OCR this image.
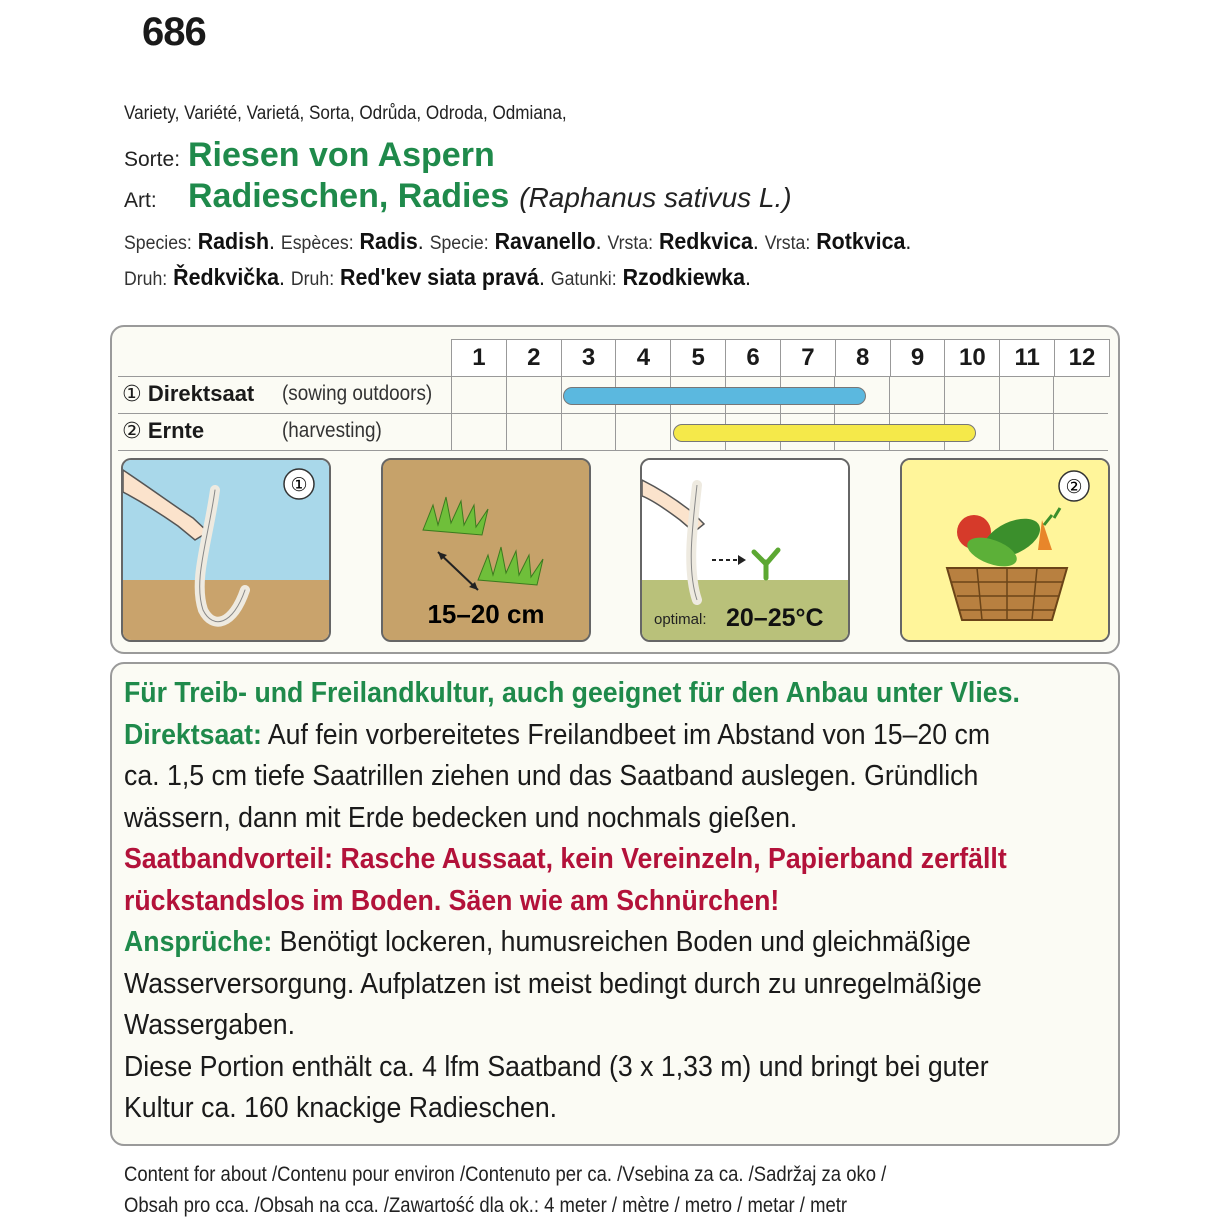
686
Variety, Variété, Varietá, Sorta, Odrůda, Odroda, Odmiana,
Sorte: Riesen von Aspern
Art: Radieschen, Radies (Raphanus sativus L.)
Species: Radish. Espèces: Radis. Specie: Ravanello. Vrsta: Redkvica. Vrsta: Rotkvica.
Druh: Ředkvička. Druh: Red'kev siata pravá. Gatunki: Rzodkiewka.
1	2	3	4	5	6	7	8	9	10	11	12
① Direktsaat (sowing outdoors)
② Ernte	(harvesting)
①
15–20 cm	optimal: 20–25°C
②

Für Treib- und Freilandkultur, auch geeignet für den Anbau unter Vlies.

Direktsaat: Auf fein vorbereitetes Freilandbeet im Abstand von 15–20 cm

ca. 1,5 cm tiefe Saatrillen ziehen und das Saatband auslegen. Gründlich

wässern, dann mit Erde bedecken und nochmals gießen.

Saatbandvorteil: Rasche Aussaat, kein Vereinzeln, Papierband zerfällt

rückstandslos im Boden. Säen wie am Schnürchen!

Ansprüche: Benötigt lockeren, humusreichen Boden und gleichmäßige

Wasserversorgung. Aufplatzen ist meist bedingt durch zu unregelmäßige

Wassergaben.

Diese Portion enthält ca. 4 lfm Saatband (3 x 1,33 m) und bringt bei guter

Kultur ca. 160 knackige Radieschen.

Content for about /Contenu pour environ /Contenuto per ca. /Vsebina za ca. /Sadržaj za oko /
Obsah pro cca. /Obsah na cca. /Zawartość dla ok.: 4 meter / mètre / metro / metar / metr
